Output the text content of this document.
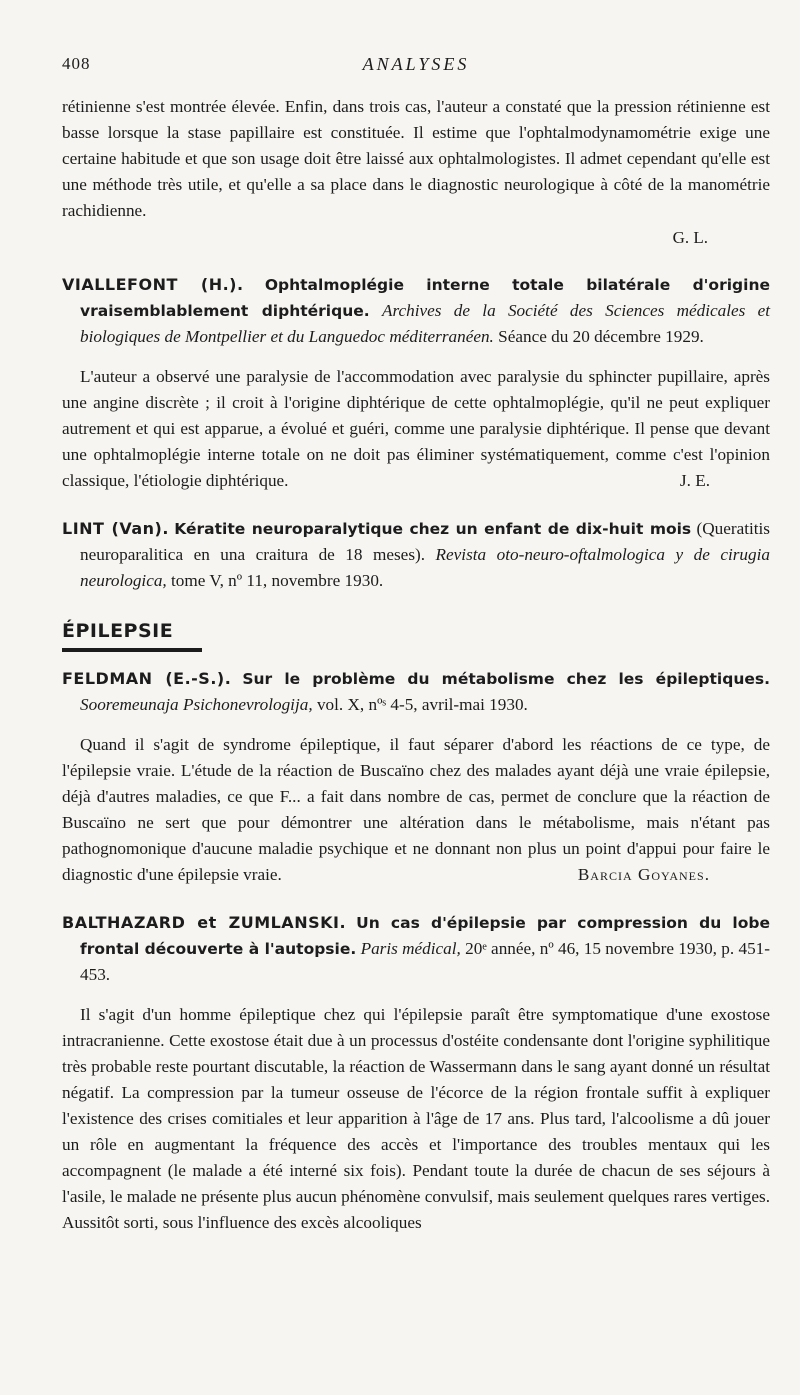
408	ANALYSES

rétinienne s'est montrée élevée. Enfin, dans trois cas, l'auteur a constaté que la pression rétinienne est basse lorsque la stase papillaire est constituée. Il estime que l'ophtalmodynamométrie exige une certaine habitude et que son usage doit être laissé aux ophtalmologistes. Il admet cependant qu'elle est une méthode très utile, et qu'elle a sa place dans le diagnostic neurologique à côté de la manométrie rachidienne.

G. L.
VIALLEFONT (H.). Ophtalmoplégie interne totale bilatérale d'origine vraisemblablement diphtérique. Archives de la Société des Sciences médicales et biologiques de Montpellier et du Languedoc méditerranéen. Séance du 20 décembre 1929.

L'auteur a observé une paralysie de l'accommodation avec paralysie du sphincter pupillaire, après une angine discrète ; il croit à l'origine diphtérique de cette ophtalmoplégie, qu'il ne peut expliquer autrement et qui est apparue, a évolué et guéri, comme une paralysie diphtérique. Il pense que devant une ophtalmoplégie interne totale on ne doit pas éliminer systématiquement, comme c'est l'opinion classique, l'étiologie diphtérique.	J. E.

LINT (Van). Kératite neuroparalytique chez un enfant de dix-huit mois (Queratitis neuroparalitica en una craitura de 18 meses). Revista oto-neuro-oftalmologica y de cirugia neurologica, tome V, nº 11, novembre 1930.
ÉPILEPSIE
FELDMAN (E.-S.). Sur le problème du métabolisme chez les épileptiques. Sooremeunaja Psichonevrologija, vol. X, nºˢ 4-5, avril-mai 1930.

Quand il s'agit de syndrome épileptique, il faut séparer d'abord les réactions de ce type, de l'épilepsie vraie. L'étude de la réaction de Buscaïno chez des malades ayant déjà une vraie épilepsie, déjà d'autres maladies, ce que F... a fait dans nombre de cas, permet de conclure que la réaction de Buscaïno ne sert que pour démontrer une altération dans le métabolisme, mais n'étant pas pathognomonique d'aucune maladie psychique et ne donnant non plus un point d'appui pour faire le diagnostic d'une épilepsie vraie.	Barcia Goyanes.

BALTHAZARD et ZUMLANSKI. Un cas d'épilepsie par compression du lobe frontal découverte à l'autopsie. Paris médical, 20ᵉ année, nº 46, 15 novembre 1930, p. 451-453.

Il s'agit d'un homme épileptique chez qui l'épilepsie paraît être symptomatique d'une exostose intracranienne. Cette exostose était due à un processus d'ostéite condensante dont l'origine syphilitique très probable reste pourtant discutable, la réaction de Wassermann dans le sang ayant donné un résultat négatif. La compression par la tumeur osseuse de l'écorce de la région frontale suffit à expliquer l'existence des crises comitiales et leur apparition à l'âge de 17 ans. Plus tard, l'alcoolisme a dû jouer un rôle en augmentant la fréquence des accès et l'importance des troubles mentaux qui les accompagnent (le malade a été interné six fois). Pendant toute la durée de chacun de ses séjours à l'asile, le malade ne présente plus aucun phénomène convulsif, mais seulement quelques rares vertiges. Aussitôt sorti, sous l'influence des excès alcooliques
